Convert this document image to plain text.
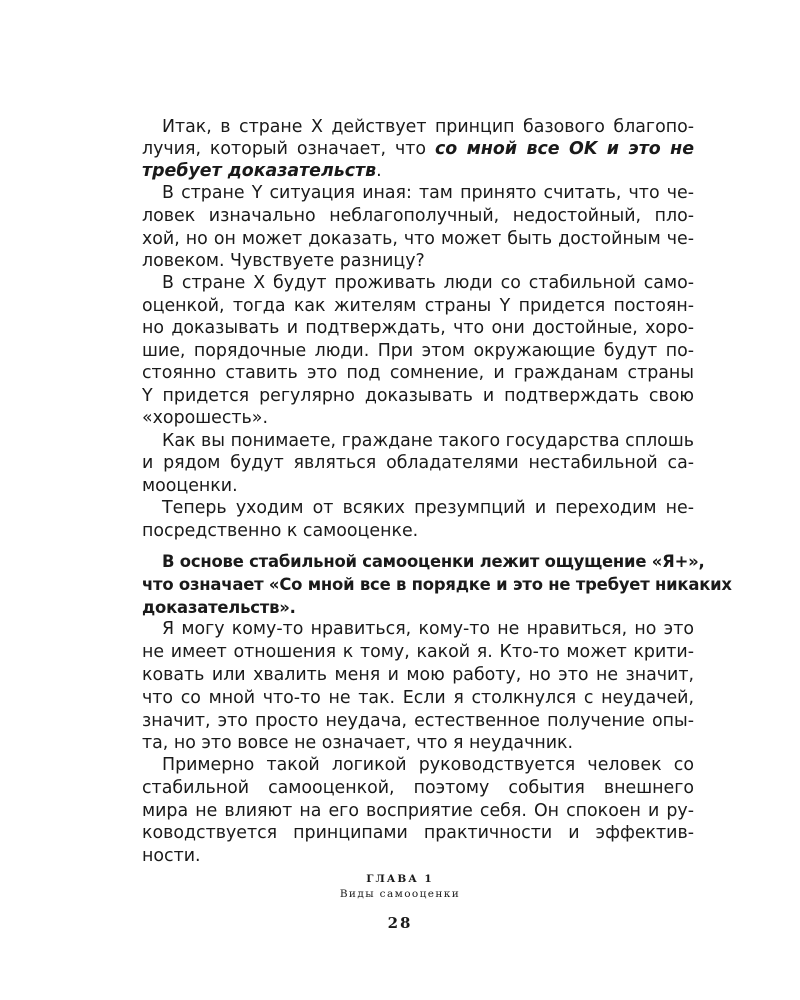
Итак, в стране X действует принцип базового благопо-
лучия, который означает, что со мной все OK и это не
требует доказательств.
В стране Y ситуация иная: там принято считать, что че-
ловек изначально неблагополучный, недостойный, пло-
хой, но он может доказать, что может быть достойным че-
ловеком. Чувствуете разницу?
В стране X будут проживать люди со стабильной само-
оценкой, тогда как жителям страны Y придется постоян-
но доказывать и подтверждать, что они достойные, хоро-
шие, порядочные люди. При этом окружающие будут по-
стоянно ставить это под сомнение, и гражданам страны
Y придется регулярно доказывать и подтверждать свою
«хорошесть».
Как вы понимаете, граждане такого государства сплошь
и рядом будут являться обладателями нестабильной са-
мооценки.
Теперь уходим от всяких презумпций и переходим не-
посредственно к самооценке.
В основе стабильной самооценки лежит ощущение «Я+»,
что означает «Со мной все в порядке и это не требует никаких
доказательств».
Я могу кому-то нравиться, кому-то не нравиться, но это
не имеет отношения к тому, какой я. Кто-то может крити-
ковать или хвалить меня и мою работу, но это не значит,
что со мной что-то не так. Если я столкнулся с неудачей,
значит, это просто неудача, естественное получение опы-
та, но это вовсе не означает, что я неудачник.
Примерно такой логикой руководствуется человек со
стабильной самооценкой, поэтому события внешнего
мира не влияют на его восприятие себя. Он спокоен и ру-
ководствуется принципами практичности и эффектив-
ности.
ГЛАВА 1
Виды самооценки
28
